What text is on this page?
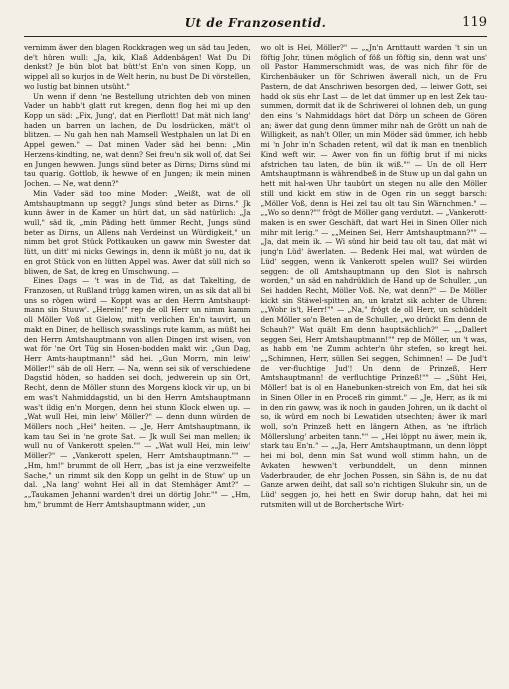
Ut de Franzosentid.	119

vernimm äwer den blagen Rockkragen weg un säd tau Jeden, de't hüren wull: „Ja, kik, Klaß Addenbägen! Wat Du Di denkst? Je bün blot bat bütt'st En'n von sinen Kopp, un wippel all so kurjos in de Welt herin, nu bust De Di vörstellen, wo lustig bat binnen utsüht."

Un wenn if denn 'ne Bestellung utrichten deb von minen Vader un habb't glatt rut kregen, denn flog hei mi up den Kopp un säd: „Fix, Jung', dat en Pierflott! Dat mät nich lang' haden un barren un lachen, de Du losdrücken, mät't ol blitzen. — Nu gah hen nah Mamsell Westphalen un lat Di en Appel gewen." — Dat minen Vader säd hei benn: „Min Herzens-kindting, ne, wat denn? Sei freu'n sik woll of, dat Sei en Jungen hewwen. Jungs sünd beter as Dirns; Dirns sünd mi tau quarig. Gottlob, ik hewwe of en Jungen; ik mein minen Jochen. — Ne, wat denn?"

Min Vader säd too mine Moder: „Weißt, wat de oll Amtshauptmann up seggt? Jungs sünd beter as Dirns." Jk kunn äwer in de Kamer un hürt dat, un säd natürlich: „Ja wull," säd ik, „min Päding hett ümmer Recht, Jungs sünd beter as Dirns, un Allens nah Verdeinst un Würdigkeit," un nimm bet grot Stück Pottkauken un gaww min Swester dat lütt, un ditt' mi nicks Gewings in, denn ik müßt jo nu, dat ik en grot Stück von en lütten Appel was. Awer dat süll nich so bliwen, de Sat, de kreg en Umschwung. —

Eines Dags — 't was in de Tid, as dat Takelting, de Franzosen, ut Rußland trügg kamen wiren, un as sik dat all bi uns so rögen würd — Koppt was ar den Herrn Amtshaupt-mann sin Stuuw'. „Herein!" rep de oll Herr un nimm kamm oll Möller Voß ut Gielow, mit'n verlichen En'n tauvirt, un makt en Diner, de hellisch swasslings rute kamm, as müßt hei den Herrn Amtshauptmann von allen Dingen irst wisen, von wat för 'ne Ort Tüg sin Hosen-bodden makt wir. „Gun Dag, Herr Amts-hauptmann!" säd hei. „Gun Morrn, min leiw' Möller!" säb de oll Herr. — Na, wenn sei sik of verschiedene Dagstid höden, so hadden sei doch, jedwerein up sin Ort, Recht, denn de Möller stunn des Morgens klock vir up, un bi em was't Nahmiddagstid, un bi den Herrn Amtshauptmann was't ildig en'n Morgen, denn hei stunn Klock elwen up. — „Wat wull Hei, min leiw' Möller?" — denn dunn würden de Möllers noch „Hei" heiten. — „Je, Herr Amtshauptmann, ik kam tau Sei in 'ne grote Sat. — Jk wull Sei man mellen; ik wull nu of Vankerott spelen."" — „Wat wull Hei, min leiw' Möller?" — „Vankerott spelen, Herr Amtshauptmann."" — „Hm, hm!" brummt de oll Herr, „bas ist ja eine verzweifelte Sache," un rimmt sik den Kopp un gelht in de Stuw' up un dal. „Na lang' wohnt Hei all in dat Stemhäger Amt?" — „„Taukamen Jehanni warden't drei un dörtig Johr."" — „Hm, hm," brummt de Herr Amtshauptmann wider, „un

wo olt is Hei, Möller?" — „„Jn'n Arnttautt warden 't sin un föftig Johr, tünen möglich of föß un föftig sin, denn wat uns' oll Pastor Hammerschmidt was, de was nich fihr för de Kirchenbäuker un för Schriwen äwerall nich, un de Fru Pastern, de dat Anschriwen besorgen ded, — leiwer Gott, sei hadd ok süs ehr Last — de let dat ümmer up en lest Zek tau-summen, dormit dat ik de Schriwerei ol lohnen deb, un gung den eins 's Nahmiddags hört dat Dörp un scheen de Gören an; äwer dat gung denn ümmer mihr nah de Grött un nah de Willigkeit, as nah't Oller, un min Möder säd ümmer, ich hebb mi 'n Johr in'n Schaden retent, wil dat ik man en tnenblich Kind weft wir. — Awer von fin un föftig brut if mi nicks afstrichen tau laten, de bün ik wiß."" — Un de oll Herr Amtshauptmann is währendbeß in de Stuw up un dal gahn un hett mit hal-wen Uhr taubürt un stegen nu alle den Möller still und kickt em stiw in de Ogen rin un seggt barsch: „Möller Voß, denn is Hei zel tau olt tau Sin Wärnchmen." — „„Wo so denn?"" frögt de Möller gang verdutzt. — „Vankerott-maken is en swer Geschäft, dat wart Hei in Sinen Oller nich mihr mit lerig." — „„Meinen Sei, Herr Amtshauptmann?"" — „Ja, dat mein ik. — Wi sünd hir beid tau olt tau, dat mät wi jung'n Lüd' äwerlaten. — Bedenk Hei mal, wat würden de Lüd' seggen, wenn ik Vankerott spelen wull? Sei würden seggen: de oll Amtshauptmann up den Slot is nahrsch worden," un säd en nahdrüklich de Hand up de Schuller, „un Sei hadden Recht, Möller Voß. Ne, wat denn?" — De Möller kickt sin Stäwel-spitten an, un kratzt sik achter de Uhren: „„Wohr is't, Herr!"" — „Na," frögt de oll Herr, un schüddelt den Möller so'n Beten an de Schuller, „wo drückt Em denn de Schauh?" Wat quält Em denn hauptsächlich?" — „„Dallert seggen Sei, Herr Amtshauptmann!"" rep de Möller, un 't was, as habb em 'ne Zumm achter'n ühr stefen, so kregt hei. „„Schimnen, Herr, süllen Sei seggen, Schimnen! — De Jud't de ver-fluchtige Jud'! Un denn de Prinzeß, Herr Amtshauptmann! de verfluchtige Prinzeß!"" — „Süht Hei, Möller! bat is ol en Hanebunken-streich von Em, dat hei sik in Sinen Oller in en Proceß rin gimmt." — „Je, Herr, as ik mi in den rin gaww, was ik noch in gauden Johren, un ik dacht ol so, ik würd em noch bi Lewatiden utsechten; äwer ik marl woll, so'n Prinzeß hett en längern Athen, as 'ne iftrlich Möllerslung' arbeiten tann."" — „Hei löppt nu äwer, mein ik, stark tau En'n." — „„Ja, Herr Amtshauptmann, un denn löppt hei mi bol, denn min Sat wund woll stimm hahn, un de Avkaten hewwen't verbunddelt, un denn minnen Vaderbrauder, de ehr Jochen Possen, sin Sähn is, de nu dat Ganze arwen deiht, dat sall so'n richtigen Slukuhr sin, un de Lüd' seggen jo, hei hett en Swir dorup hahn, dat hei mi rutsmiten will ut de Borchertsche Wirt-
